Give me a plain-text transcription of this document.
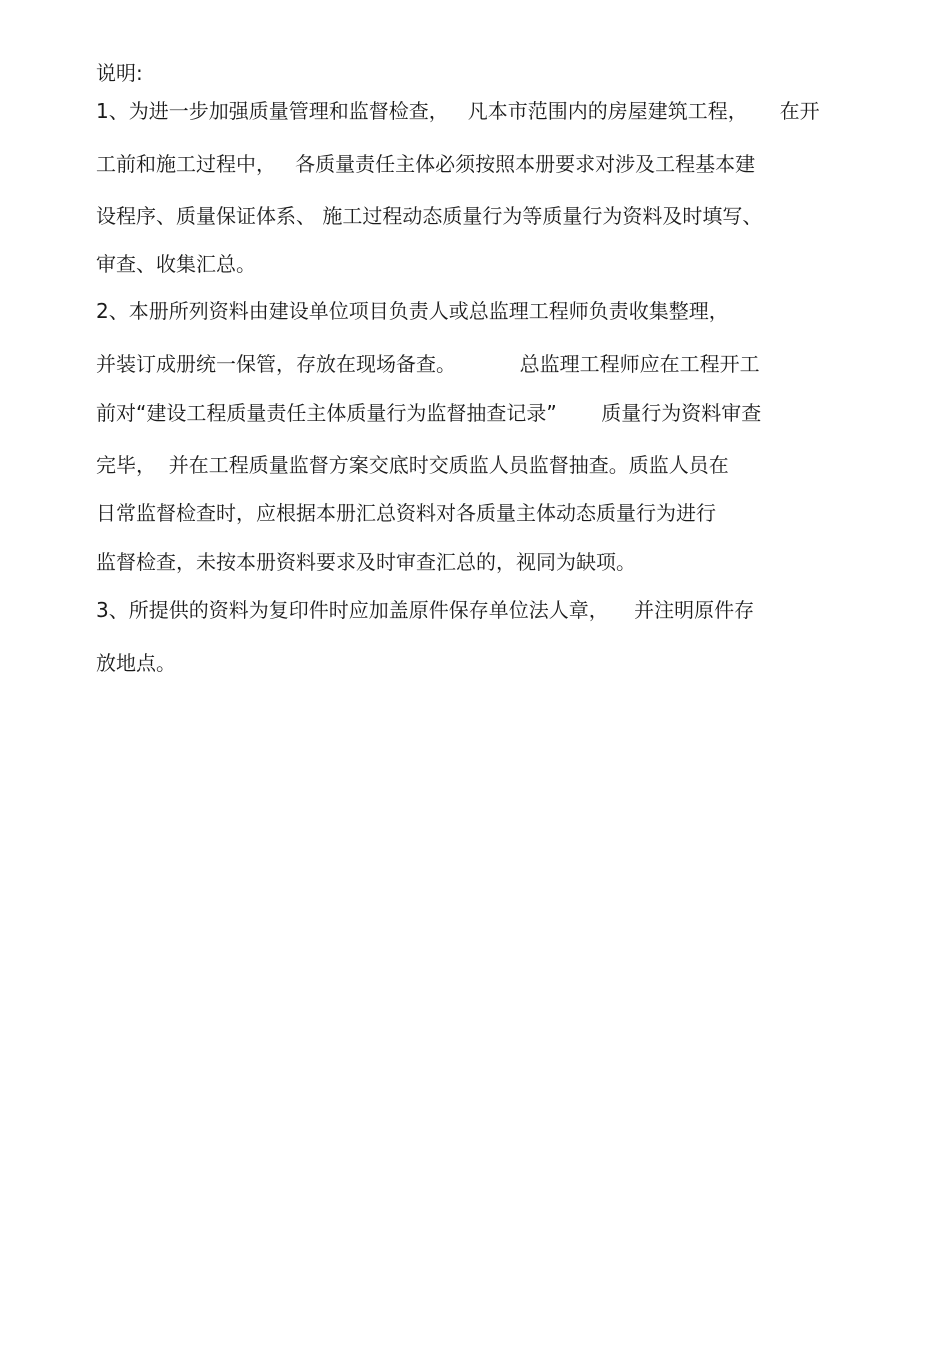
说明:
1、为进一步加强质量管理和监督检查，   凡本市范围内的房屋建筑工程，     在开
工前和施工过程中，   各质量责任主体必须按照本册要求对涉及工程基本建
设程序、质量保证体系、 施工过程动态质量行为等质量行为资料及时填写、
审查、收集汇总。
2、本册所列资料由建设单位项目负责人或总监理工程师负责收集整理，
并装订成册统一保管，存放在现场备查。          总监理工程师应在工程开工
前对“建设工程质量责任主体质量行为监督抽查记录”       质量行为资料审查
完毕，  并在工程质量监督方案交底时交质监人员监督抽查。质监人员在
日常监督检查时，应根据本册汇总资料对各质量主体动态质量行为进行
监督检查，未按本册资料要求及时审查汇总的，视同为缺项。
3、所提供的资料为复印件时应加盖原件保存单位法人章，    并注明原件存
放地点。
